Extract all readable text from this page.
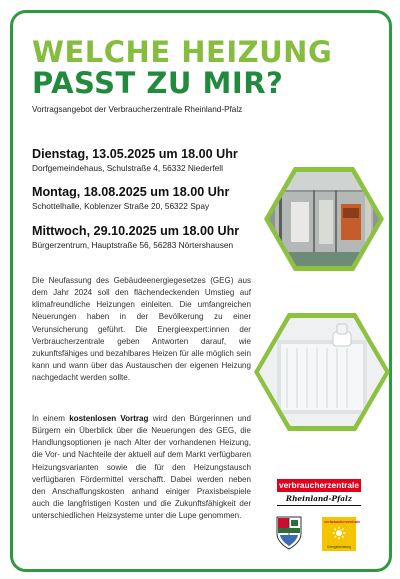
WELCHE HEIZUNG
PASST ZU MIR?
Vortragsangebot der Verbraucherzentrale Rheinland-Pfalz
Dienstag, 13.05.2025 um 18.00 Uhr
Dorfgemeindehaus, Schulstraße 4, 56332 Niederfell
Montag, 18.08.2025 um 18.00 Uhr
Schottelhalle, Koblenzer Straße 20, 56322 Spay
Mittwoch, 29.10.2025 um 18.00 Uhr
Bürgerzentrum, Hauptstraße 56, 56283 Nörtershausen
Die Neufassung des Gebäudeenergiegesetzes (GEG) aus dem Jahr 2024 soll den flächendeckenden Umstieg auf klimafreundliche Heizungen einleiten. Die umfangreichen Neuerungen haben in der Bevölkerung zu einer Verunsicherung geführt. Die Energieexpert:innen der Verbraucherzentrale geben Antworten darauf, wie zukunftsfähiges und bezahlbares Heizen für alle möglich sein kann und wann über das Austauschen der eigenen Heizung nachgedacht werden sollte.
In einem kostenlosen Vortrag wird den Bürgerinnen und Bürgern ein Überblick über die Neuerungen des GEG, die Handlungsoptionen je nach Alter der vorhandenen Heizung, die Vor- und Nachteile der aktuell auf dem Markt verfügbaren Heizungsvarianten sowie die für den Heizungstausch verfügbaren Fördermittel verschafft. Dabei werden neben den Anschaffungskosten anhand einiger Praxisbeispiele auch die langfristigen Kosten und die Zukunftsfähigkeit der unterschiedlichen Heizsysteme unter die Lupe genommen.
verbraucherzentrale
Rheinland-Pfalz
verbraucherzentrale
Energieberatung
